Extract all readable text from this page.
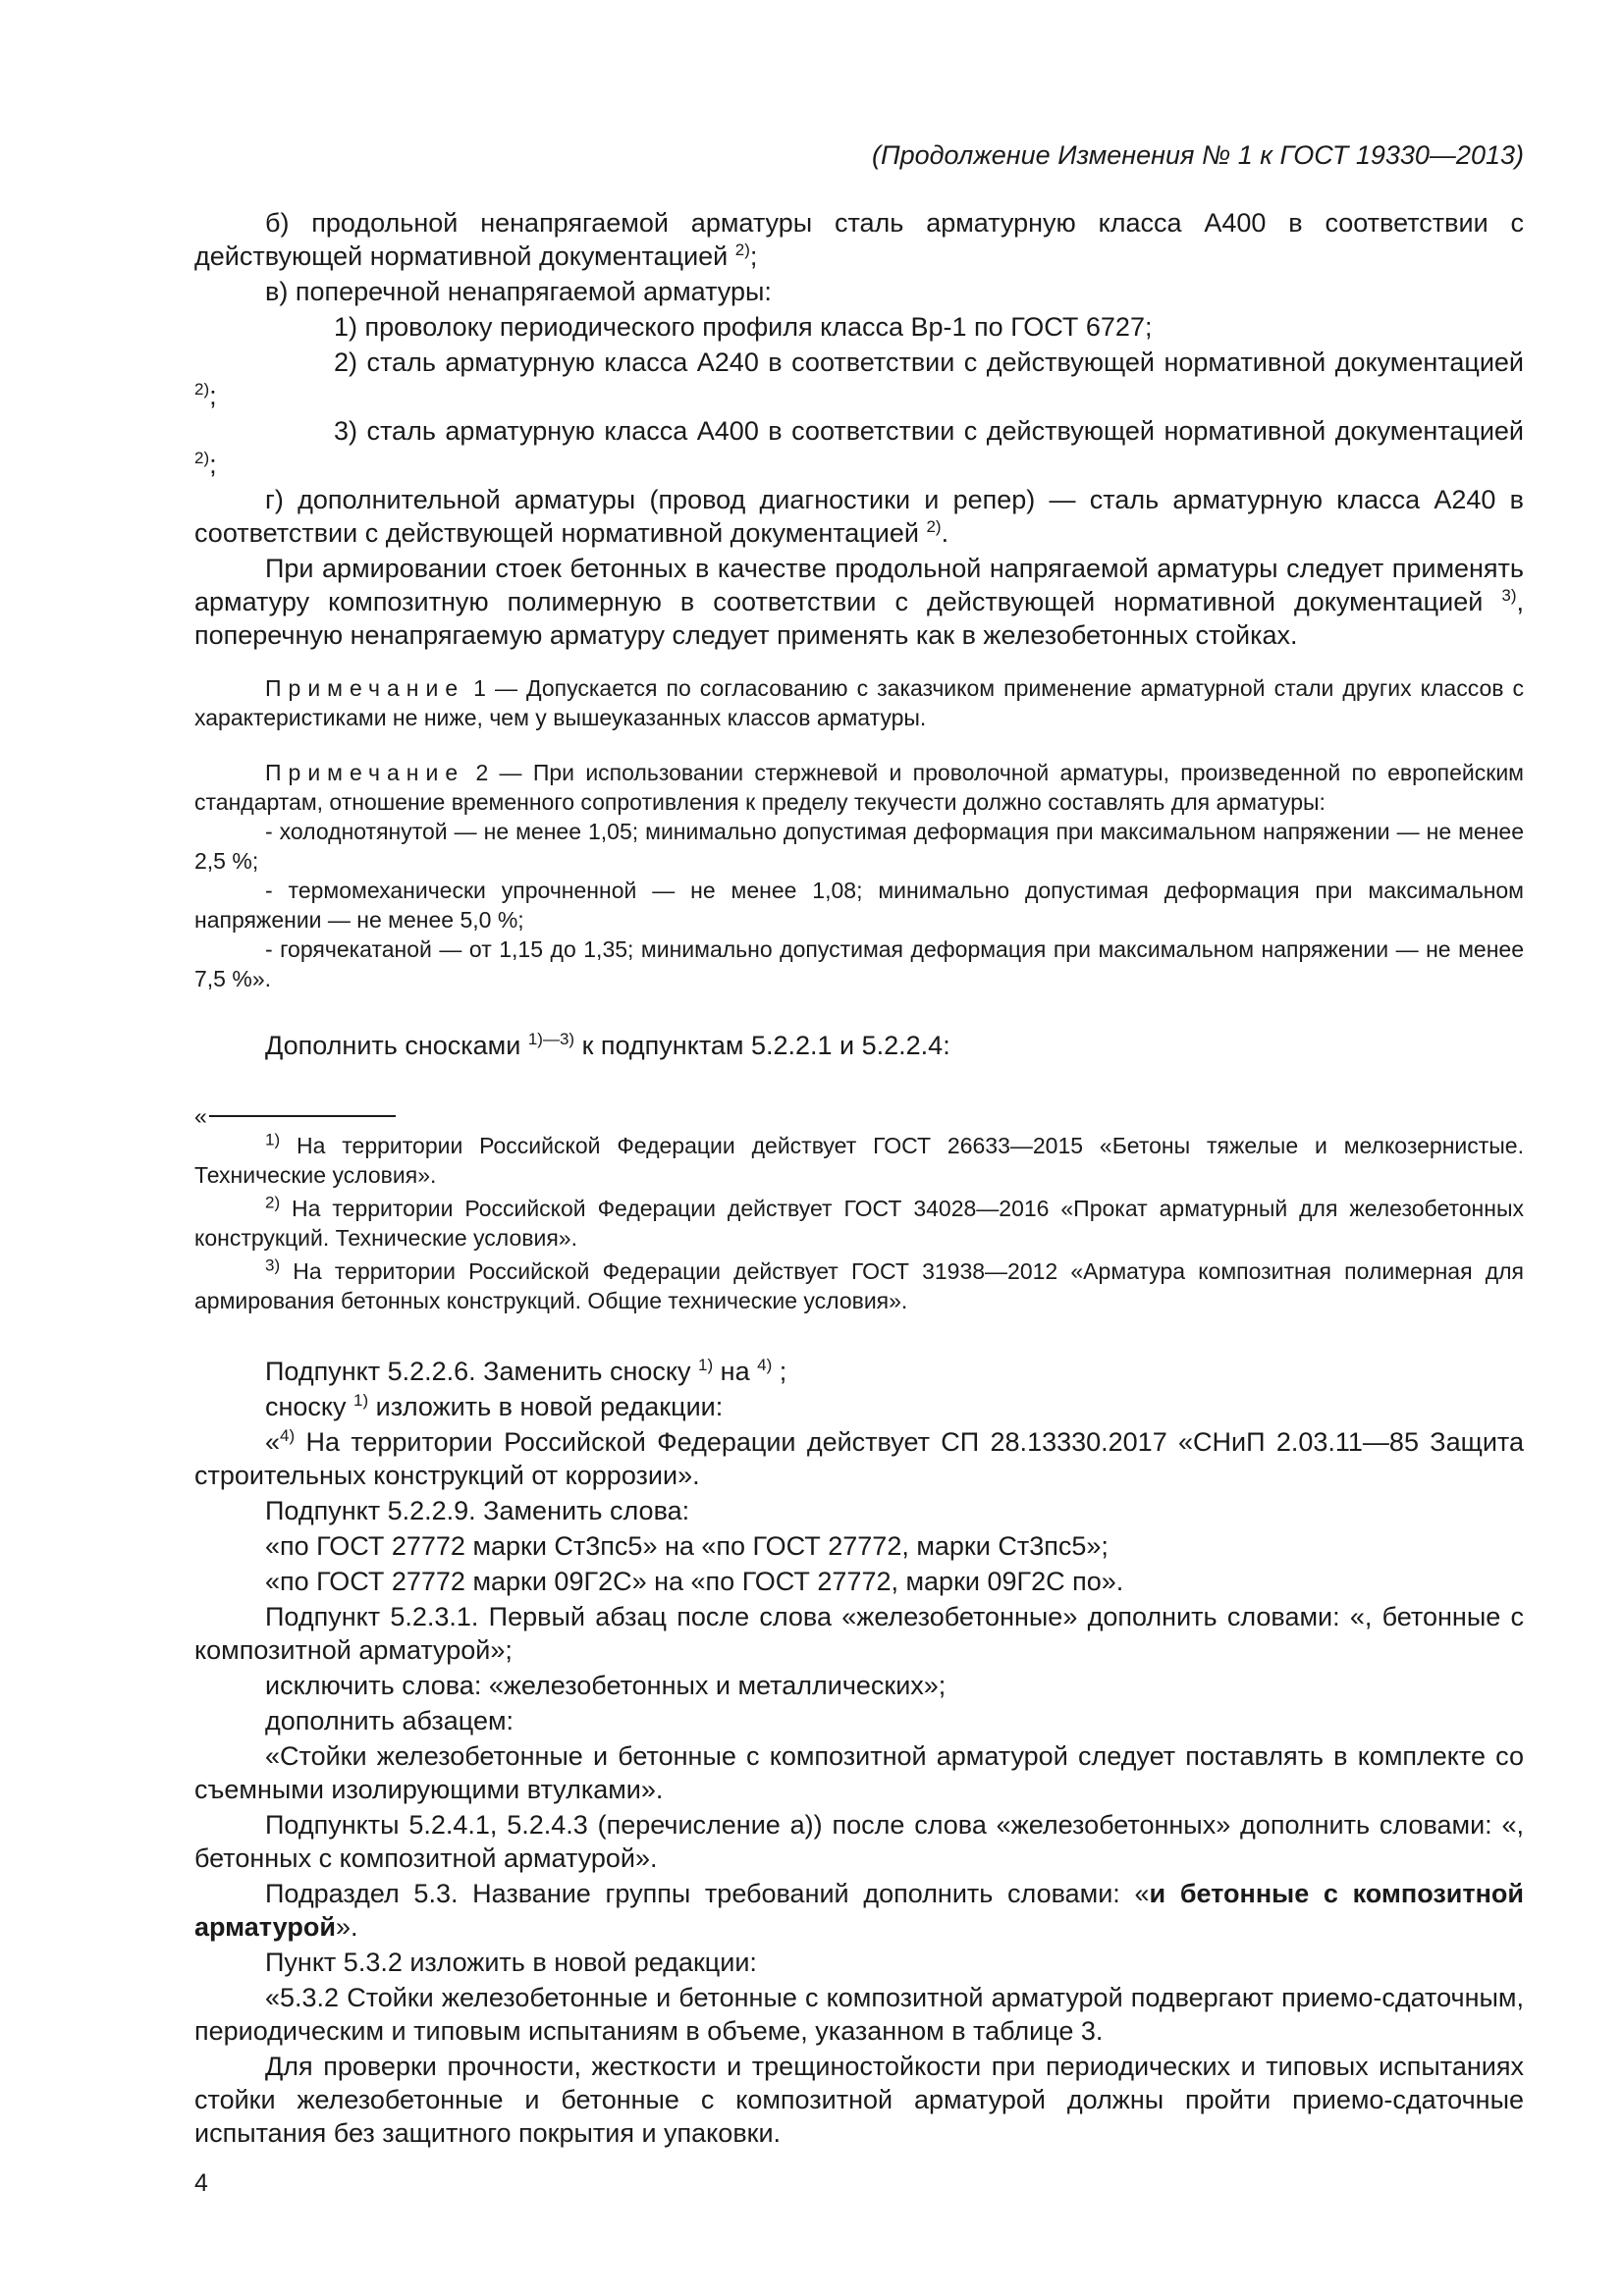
(Продолжение Изменения № 1 к ГОСТ 19330—2013)

б) продольной ненапрягаемой арматуры сталь арматурную класса А400 в соответствии с действующей нормативной документацией $^{2)}$;

в) поперечной ненапрягаемой арматуры:

1) проволоку периодического профиля класса Вр-1 по ГОСТ 6727;

2) сталь арматурную класса А240 в соответствии с действующей нормативной документацией $^{2)}$;

3) сталь арматурную класса А400 в соответствии с действующей нормативной документацией $^{2)}$;

г) дополнительной арматуры (провод диагностики и репер) — сталь арматурную класса А240 в соответствии с действующей нормативной документацией $^{2)}$.

При армировании стоек бетонных в качестве продольной напрягаемой арматуры следует применять арматуру композитную полимерную в соответствии с действующей нормативной документацией $^{3)}$, поперечную ненапрягаемую арматуру следует применять как в железобетонных стойках.

Примечание 1 — Допускается по согласованию с заказчиком применение арматурной стали других классов с характеристиками не ниже, чем у вышеуказанных классов арматуры.

Примечание 2 — При использовании стержневой и проволочной арматуры, произведенной по европейским стандартам, отношение временного сопротивления к пределу текучести должно составлять для арматуры:

- холоднотянутой — не менее 1,05; минимально допустимая деформация при максимальном напряжении — не менее 2,5 %;

- термомеханически упрочненной — не менее 1,08; минимально допустимая деформация при максимальном напряжении — не менее 5,0 %;

- горячекатаной — от 1,15 до 1,35; минимально допустимая деформация при максимальном напряжении — не менее 7,5 %».

Дополнить сносками $^{1)—3)}$ к подпунктам 5.2.2.1 и 5.2.2.4:

«

$^{1)}$ На территории Российской Федерации действует ГОСТ 26633—2015 «Бетоны тяжелые и мелкозернистые. Технические условия».

$^{2)}$ На территории Российской Федерации действует ГОСТ 34028—2016 «Прокат арматурный для железобетонных конструкций. Технические условия».

$^{3)}$ На территории Российской Федерации действует ГОСТ 31938—2012 «Арматура композитная полимерная для армирования бетонных конструкций. Общие технические условия».

Подпункт 5.2.2.6. Заменить сноску $^{1)}$ на $^{4)}$ ;

сноску $^{1)}$ изложить в новой редакции:

«$^{4)}$ На территории Российской Федерации действует СП 28.13330.2017 «СНиП 2.03.11—85 Защита строительных конструкций от коррозии».

Подпункт 5.2.2.9. Заменить слова:

«по ГОСТ 27772 марки Ст3пс5» на «по ГОСТ 27772, марки Ст3пс5»;

«по ГОСТ 27772 марки 09Г2С» на «по ГОСТ 27772, марки 09Г2С по».

Подпункт 5.2.3.1. Первый абзац после слова «железобетонные» дополнить словами: «, бетонные с композитной арматурой»;

исключить слова: «железобетонных и металлических»;

дополнить абзацем:

«Стойки железобетонные и бетонные с композитной арматурой следует поставлять в комплекте со съемными изолирующими втулками».

Подпункты 5.2.4.1, 5.2.4.3 (перечисление а)) после слова «железобетонных» дополнить словами: «, бетонных с композитной арматурой».

Подраздел 5.3. Название группы требований дополнить словами: «и бетонные с композитной арматурой».

Пункт 5.3.2 изложить в новой редакции:

«5.3.2 Стойки железобетонные и бетонные с композитной арматурой подвергают приемо-сдаточным, периодическим и типовым испытаниям в объеме, указанном в таблице 3.

Для проверки прочности, жесткости и трещиностойкости при периодических и типовых испытаниях стойки железобетонные и бетонные с композитной арматурой должны пройти приемо-сдаточные испытания без защитного покрытия и упаковки.

4
